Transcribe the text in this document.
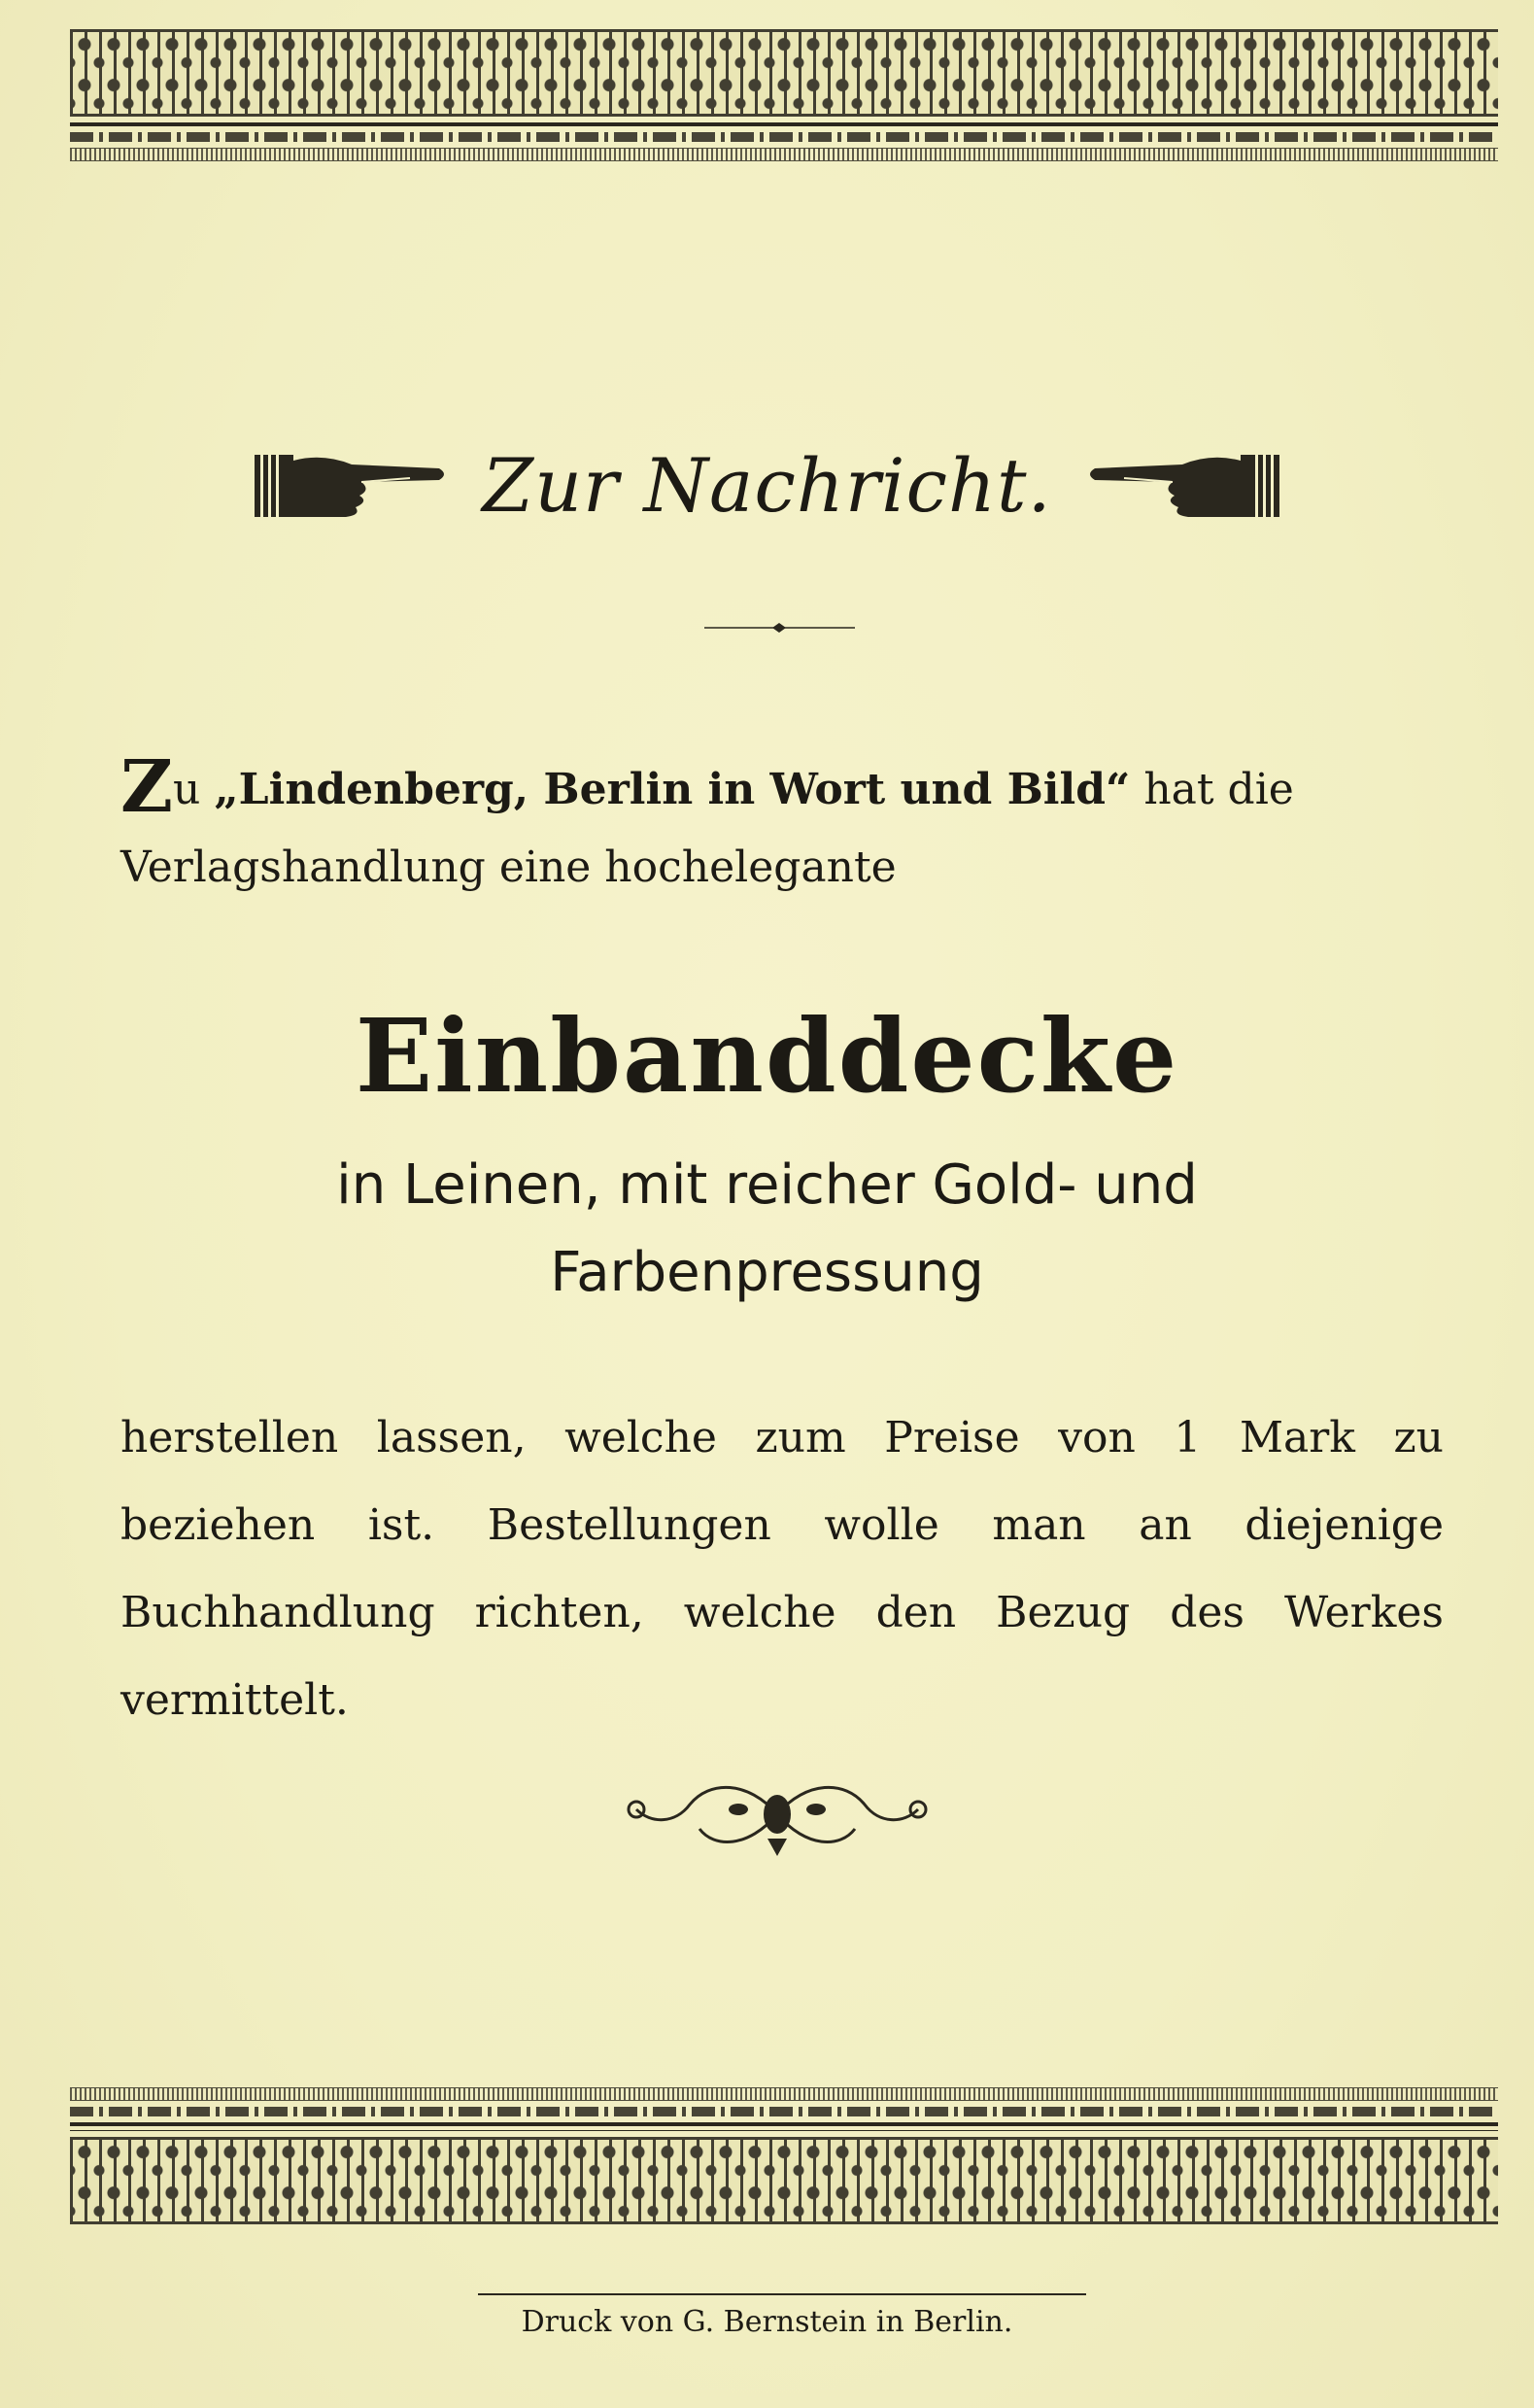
Zur Nachricht.
Zu „Lindenberg, Berlin in Wort und Bild“ hat die Verlagshandlung eine hochelegante
Einbanddecke
in Leinen, mit reicher Gold- und
Farbenpressung
herstellen lassen, welche zum Preise von 1 Mark zu beziehen ist. Bestellungen wolle man an diejenige Buchhandlung richten, welche den Bezug des Werkes vermittelt.
Druck von G. Bernstein in Berlin.
